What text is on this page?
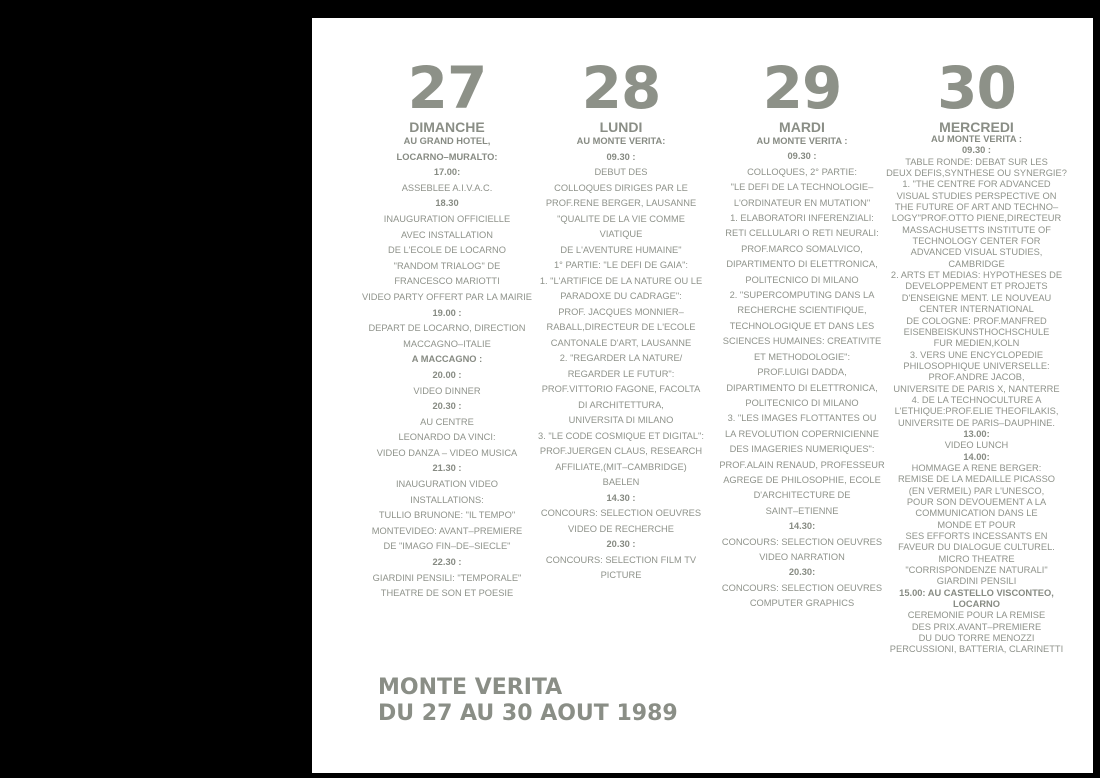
27
DIMANCHE
AU GRAND HOTEL,
LOCARNO–MURALTO:
17.00:
ASSEBLEE A.I.V.A.C.
18.30
INAUGURATION OFFICIELLE
AVEC INSTALLATION
DE L'ECOLE DE LOCARNO
"RANDOM TRIALOG" DE
FRANCESCO MARIOTTI
VIDEO PARTY OFFERT PAR LA MAIRIE
19.00 :
DEPART DE LOCARNO, DIRECTION
MACCAGNO–ITALIE
A MACCAGNO :
20.00 :
VIDEO DINNER
20.30 :
AU CENTRE
LEONARDO DA VINCI:
VIDEO DANZA – VIDEO MUSICA
21.30 :
INAUGURATION VIDEO
INSTALLATIONS:
TULLIO BRUNONE: "IL TEMPO"
MONTEVIDEO: AVANT–PREMIERE
DE "IMAGO FIN–DE–SIECLE"
22.30 :
GIARDINI PENSILI: "TEMPORALE"
THEATRE DE SON ET POESIE
28
LUNDI
AU MONTE VERITA:
09.30 :
DEBUT DES
COLLOQUES DIRIGES PAR LE
PROF.RENE BERGER, LAUSANNE
"QUALITE DE LA VIE COMME
VIATIQUE
DE L'AVENTURE HUMAINE"
1° PARTIE: "LE DEFI DE GAIA":
1. "L'ARTIFICE DE LA NATURE OU LE
PARADOXE DU CADRAGE":
PROF. JACQUES MONNIER–
RABALL,DIRECTEUR DE L'ECOLE
CANTONALE D'ART, LAUSANNE
2. "REGARDER LA NATURE/
REGARDER LE FUTUR":
PROF.VITTORIO FAGONE, FACOLTA
DI ARCHITETTURA,
UNIVERSITA DI MILANO
3. "LE CODE COSMIQUE ET DIGITAL":
PROF.JUERGEN CLAUS, RESEARCH
AFFILIATE,(MIT–CAMBRIDGE)
BAELEN
14.30 :
CONCOURS: SELECTION OEUVRES
VIDEO DE RECHERCHE
20.30 :
CONCOURS: SELECTION FILM TV
PICTURE
29
MARDI
AU MONTE VERITA :
09.30 :
COLLOQUES, 2° PARTIE:
"LE DEFI DE LA TECHNOLOGIE–
L'ORDINATEUR EN MUTATION"
1. ELABORATORI INFERENZIALI:
RETI CELLULARI O RETI NEURALI:
PROF.MARCO SOMALVICO,
DIPARTIMENTO DI ELETTRONICA,
POLITECNICO DI MILANO
2. "SUPERCOMPUTING DANS LA
RECHERCHE SCIENTIFIQUE,
TECHNOLOGIQUE ET DANS LES
SCIENCES HUMAINES: CREATIVITE
ET METHODOLOGIE":
PROF.LUIGI DADDA,
DIPARTIMENTO DI ELETTRONICA,
POLITECNICO DI MILANO
3. "LES IMAGES FLOTTANTES OU
LA REVOLUTION COPERNICIENNE
DES IMAGERIES NUMERIQUES":
PROF.ALAIN RENAUD, PROFESSEUR
AGREGE DE PHILOSOPHIE, ECOLE
D'ARCHITECTURE DE
SAINT–ETIENNE
14.30:
CONCOURS: SELECTION OEUVRES
VIDEO NARRATION
20.30:
CONCOURS: SELECTION OEUVRES
COMPUTER GRAPHICS
30
MERCREDI
AU MONTE VERITA :
09.30 :
TABLE RONDE: DEBAT SUR LES
DEUX DEFIS,SYNTHESE OU SYNERGIE?
1. "THE CENTRE FOR ADVANCED
VISUAL STUDIES PERSPECTIVE ON
THE FUTURE OF ART AND TECHNO–
LOGY"PROF.OTTO PIENE,DIRECTEUR
MASSACHUSETTS INSTITUTE OF
TECHNOLOGY CENTER FOR
ADVANCED VISUAL STUDIES,
CAMBRIDGE
2. ARTS ET MEDIAS: HYPOTHESES DE
DEVELOPPEMENT ET PROJETS
D'ENSEIGNE MENT. LE NOUVEAU
CENTER INTERNATIONAL
DE COLOGNE: PROF.MANFRED
EISENBEISKUNSTHOCHSCHULE
FUR MEDIEN,KOLN
3. VERS UNE ENCYCLOPEDIE
PHILOSOPHIQUE UNIVERSELLE:
PROF.ANDRE JACOB,
UNIVERSITE DE PARIS X, NANTERRE
4. DE LA TECHNOCULTURE A
L'ETHIQUE:PROF.ELIE THEOFILAKIS,
UNIVERSITE DE PARIS–DAUPHINE.
13.00:
VIDEO LUNCH
14.00:
HOMMAGE A RENE BERGER:
REMISE DE LA MEDAILLE PICASSO
(EN VERMEIL) PAR L'UNESCO,
POUR SON DEVOUEMENT A LA
COMMUNICATION DANS LE
MONDE ET POUR
SES EFFORTS INCESSANTS EN
FAVEUR DU DIALOGUE CULTUREL.
MICRO THEATRE
"CORRISPONDENZE NATURALI"
GIARDINI PENSILI
15.00: AU CASTELLO VISCONTEO,
LOCARNO
CEREMONIE POUR LA REMISE
DES PRIX.AVANT–PREMIERE
DU DUO TORRE MENOZZI
PERCUSSIONI, BATTERIA, CLARINETTI
MONTE VERITA
DU 27 AU 30 AOUT 1989
